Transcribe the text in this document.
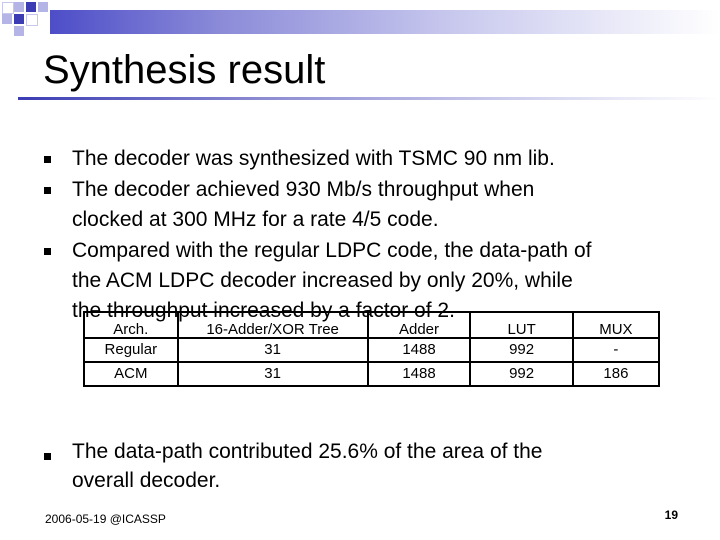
Synthesis result
The decoder was synthesized with TSMC 90 nm lib.
The decoder achieved 930 Mb/s throughput when
clocked at 300 MHz for a rate 4/5 code.
Compared with the regular LDPC code, the data-path of
the ACM LDPC decoder increased by only 20%, while
the throughput increased by a factor of 2.
Arch.	16-Adder/XOR Tree	Adder	LUT	MUX
Regular	31	1488	992	-
ACM	31	1488	992	186
The data-path contributed 25.6% of the area of the
overall decoder.
2006-05-19 @ICASSP	19
